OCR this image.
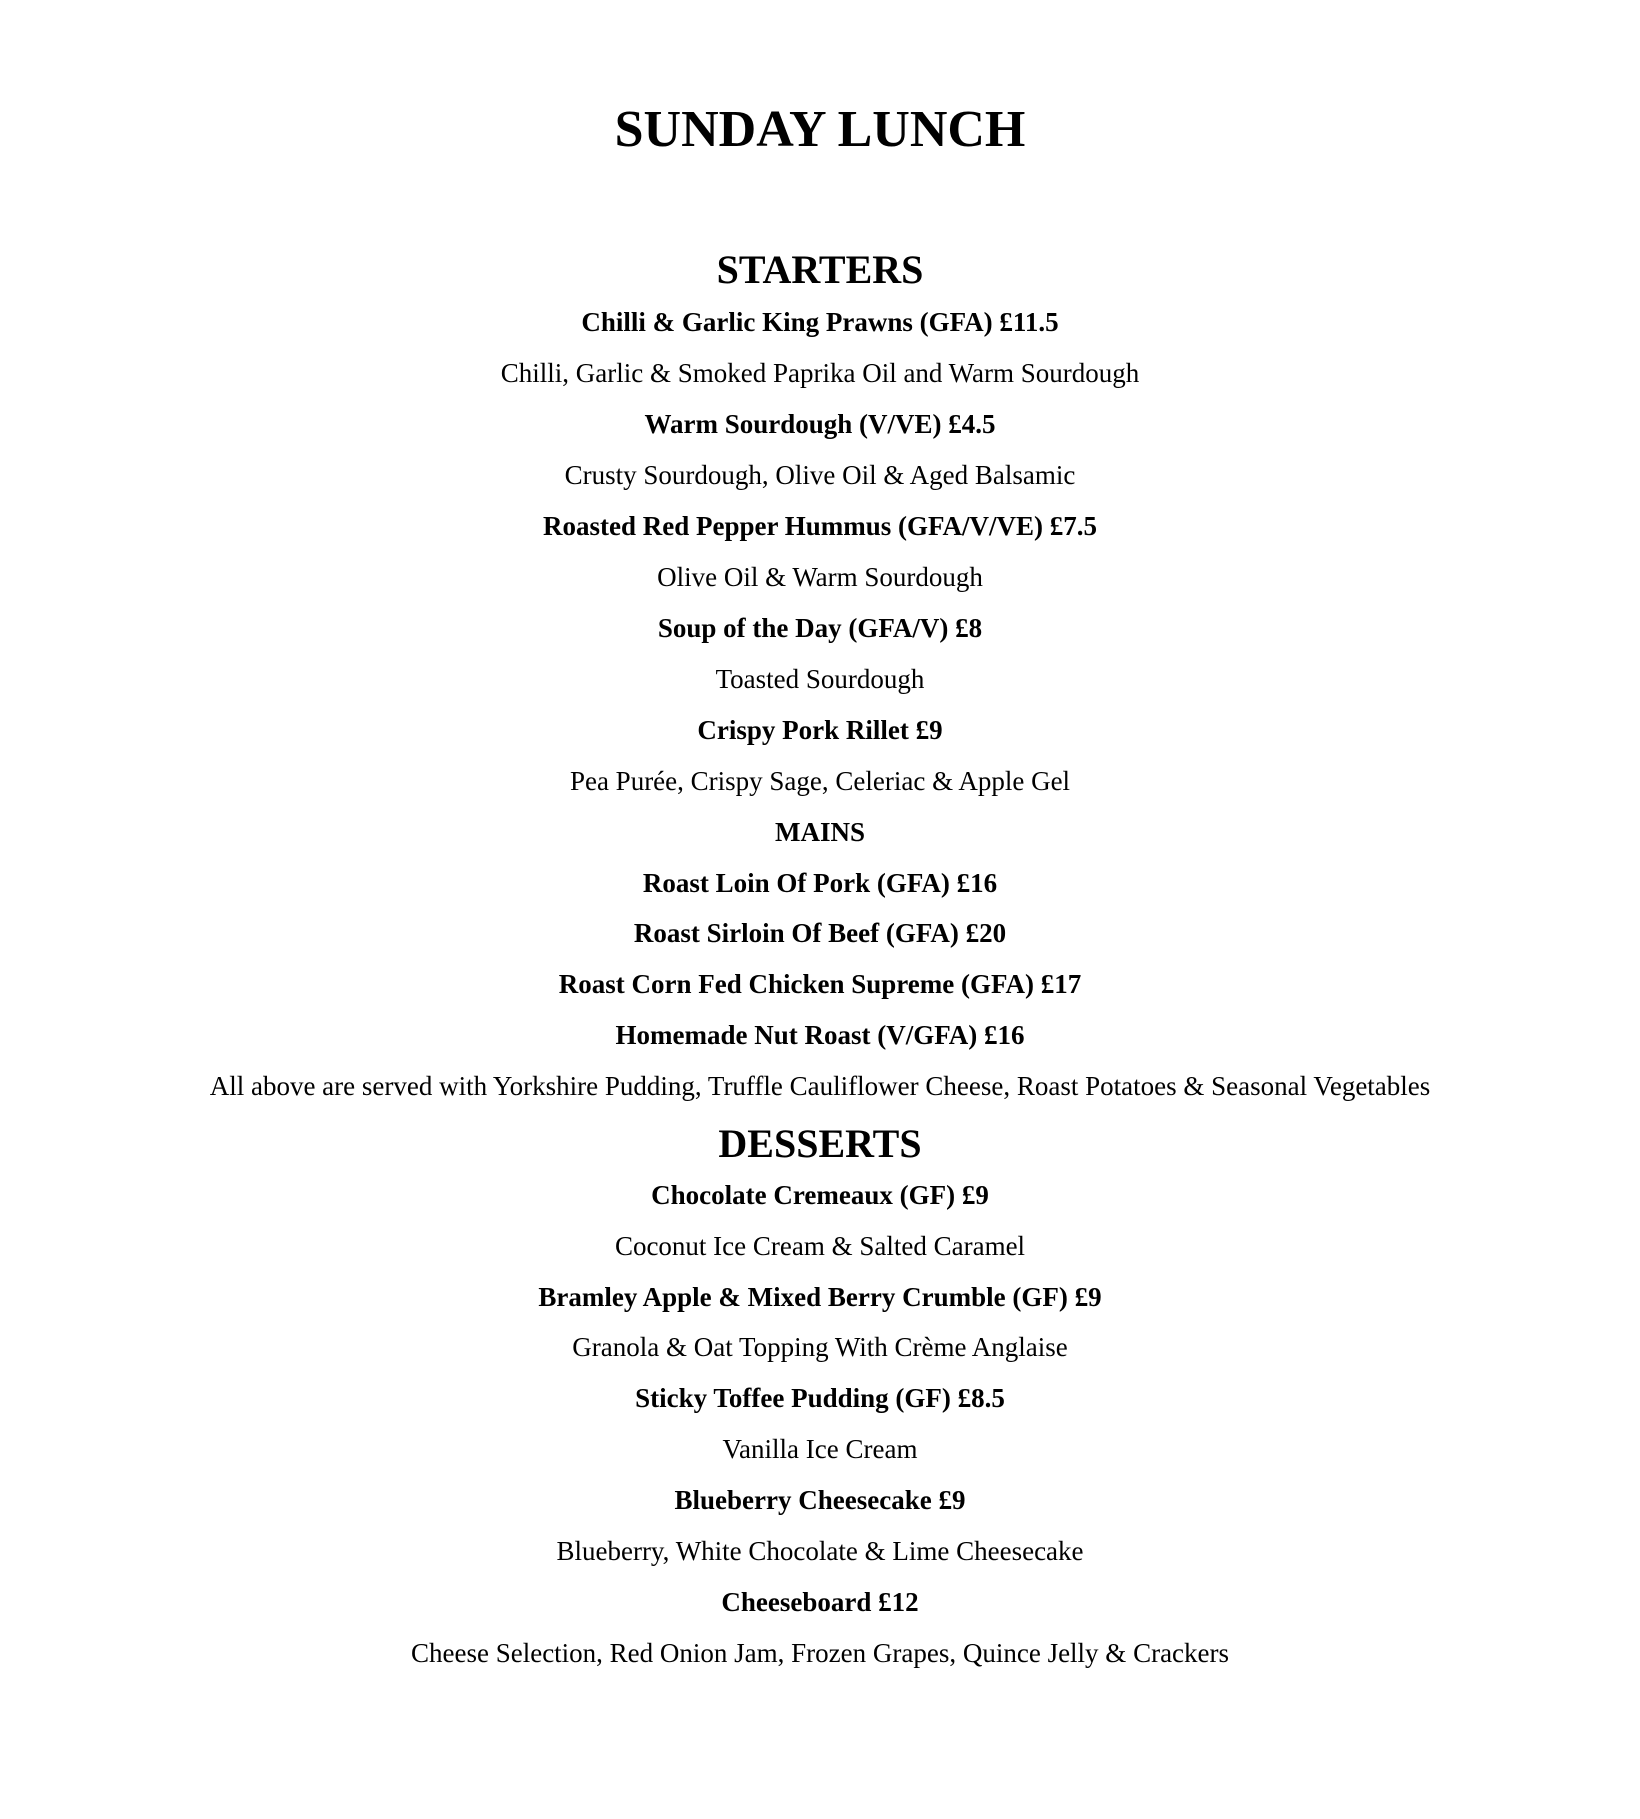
SUNDAY LUNCH
STARTERS
Chilli & Garlic King Prawns (GFA) £11.5
Chilli, Garlic & Smoked Paprika Oil and Warm Sourdough
Warm Sourdough (V/VE) £4.5
Crusty Sourdough, Olive Oil & Aged Balsamic
Roasted Red Pepper Hummus (GFA/V/VE) £7.5
Olive Oil & Warm Sourdough
Soup of the Day (GFA/V) £8
Toasted Sourdough
Crispy Pork Rillet £9
Pea Purée, Crispy Sage, Celeriac & Apple Gel
MAINS
Roast Loin Of Pork (GFA) £16
Roast Sirloin Of Beef (GFA) £20
Roast Corn Fed Chicken Supreme (GFA) £17
Homemade Nut Roast (V/GFA) £16
All above are served with Yorkshire Pudding, Truffle Cauliflower Cheese, Roast Potatoes & Seasonal Vegetables
DESSERTS
Chocolate Cremeaux (GF) £9
Coconut Ice Cream & Salted Caramel
Bramley Apple & Mixed Berry Crumble (GF) £9
Granola & Oat Topping With Crème Anglaise
Sticky Toffee Pudding (GF) £8.5
Vanilla Ice Cream
Blueberry Cheesecake £9
Blueberry, White Chocolate & Lime Cheesecake
Cheeseboard £12
Cheese Selection, Red Onion Jam, Frozen Grapes, Quince Jelly & Crackers
